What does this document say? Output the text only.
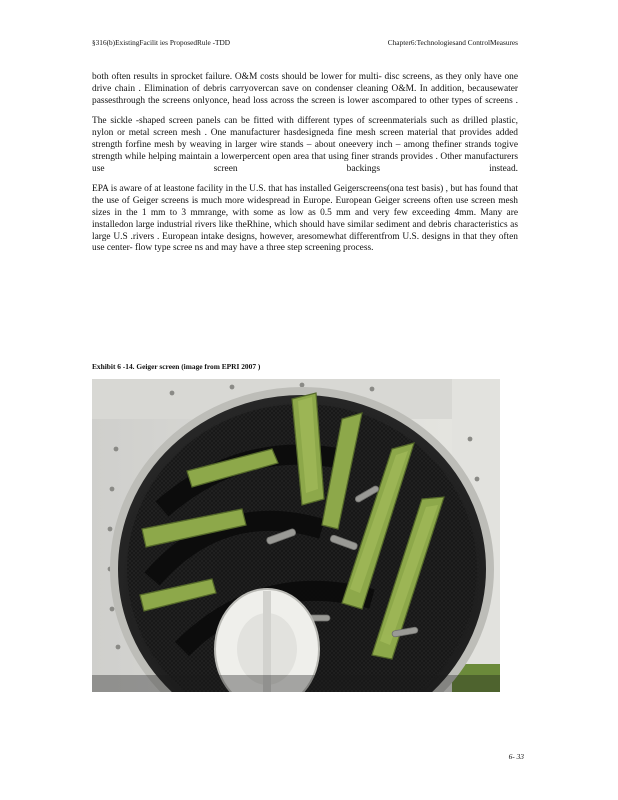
§316(b)ExistingFacilit ies ProposedRule -TDD	Chapter6:Technologiesand ControlMeasures

both often results in sprocket failure. O&M costs should be lower for multi- disc screens, as they only have one drive chain . Elimination of debris carryovercan save on condenser cleaning O&M. In addition, becausewater passesthrough the screens onlyonce, head loss across the screen is lower ascompared to other types of screens .

The sickle -shaped screen panels can be fitted with different types of screenmaterials such as drilled plastic, nylon or metal screen mesh . One manufacturer hasdesigneda fine mesh screen material that provides added strength forfine mesh by weaving in larger wire stands – about oneevery inch – among thefiner strands togive strength while helping maintain a lowerpercent open area that using finer strands provides . Other manufacturers use screen backings instead.

EPA is aware of at leastone facility in the U.S. that has installed Geigerscreens(ona test basis) , but has found that the use of Geiger screens is much more widespread in Europe. European Geiger screens often use screen mesh sizes in the 1 mm to 3 mmrange, with some as low as 0.5 mm and very few exceeding 4mm. Many are installedon large industrial rivers like theRhine, which should have similar sediment and debris characteristics as large U.S .rivers . European intake designs, however, aresomewhat differentfrom U.S. designs in that they often use center- flow type scree ns and may have a three step screening process.

Exhibit 6 -14. Geiger screen (image from EPRI 2007 )
6- 33
